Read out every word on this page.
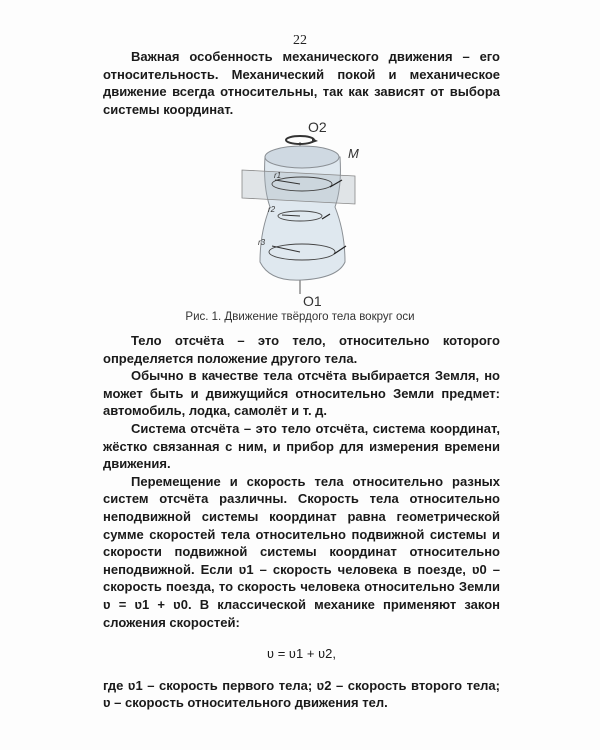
22

Важная особенность механического движения – его относительность. Механический покой и механическое движение всегда относительны, так как зависят от выбора системы координат.

O2
M
r1
r2
r3
O1
Рис. 1. Движение твёрдого тела вокруг оси

Тело отсчёта – это тело, относительно которого определяется положение другого тела.

Обычно в качестве тела отсчёта выбирается Земля, но может быть и движущийся относительно Земли предмет: автомобиль, лодка, самолёт и т. д.

Система отсчёта – это тело отсчёта, система координат, жёстко связанная с ним, и прибор для измерения времени движения.

Перемещение и скорость тела относительно разных систем отсчёта различны. Скорость тела относительно неподвижной системы координат равна геометрической сумме скоростей тела относительно подвижной системы и скорости подвижной системы координат относительно неподвижной. Если ʋ1 – скорость человека в поезде, ʋ0 – скорость поезда, то скорость человека относительно Земли ʋ = ʋ1 + ʋ0. В классической механике применяют закон сложения скоростей:

ʋ = ʋ1 + ʋ2,

где ʋ1 – скорость первого тела; ʋ2 – скорость второго тела; ʋ – скорость относительного движения тел.
